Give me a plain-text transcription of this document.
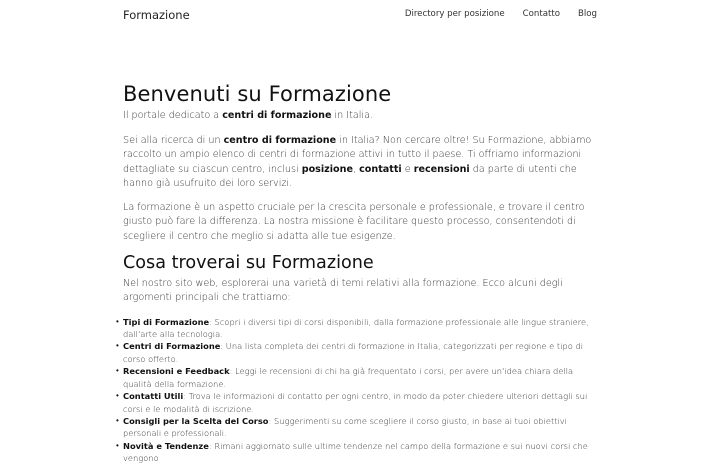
Formazione	Directory per posizione Contatto Blog
Benvenuti su Formazione

Il portale dedicato a centri di formazione in Italia.

Sei alla ricerca di un centro di formazione in Italia? Non cercare oltre! Su Formazione, abbiamo raccolto un ampio elenco di centri di formazione attivi in tutto il paese. Ti offriamo informazioni dettagliate su ciascun centro, inclusi posizione, contatti e recensioni da parte di utenti che hanno già usufruito dei loro servizi.

La formazione è un aspetto cruciale per la crescita personale e professionale, e trovare il centro giusto può fare la differenza. La nostra missione è facilitare questo processo, consentendoti di scegliere il centro che meglio si adatta alle tue esigenze.

Cosa troverai su Formazione

Nel nostro sito web, esplorerai una varietà di temi relativi alla formazione. Ecco alcuni degli argomenti principali che trattiamo:

• Tipi di Formazione: Scopri i diversi tipi di corsi disponibili, dalla formazione professionale alle lingue straniere, dall'arte alla tecnologia.
• Centri di Formazione: Una lista completa dei centri di formazione in Italia, categorizzati per regione e tipo di corso offerto.
• Recensioni e Feedback: Leggi le recensioni di chi ha già frequentato i corsi, per avere un'idea chiara della qualità della formazione.
• Contatti Utili: Trova le informazioni di contatto per ogni centro, in modo da poter chiedere ulteriori dettagli sui corsi e le modalità di iscrizione.
• Consigli per la Scelta del Corso: Suggerimenti su come scegliere il corso giusto, in base ai tuoi obiettivi personali e professionali.
• Novità e Tendenze: Rimani aggiornato sulle ultime tendenze nel campo della formazione e sui nuovi corsi che vengono
